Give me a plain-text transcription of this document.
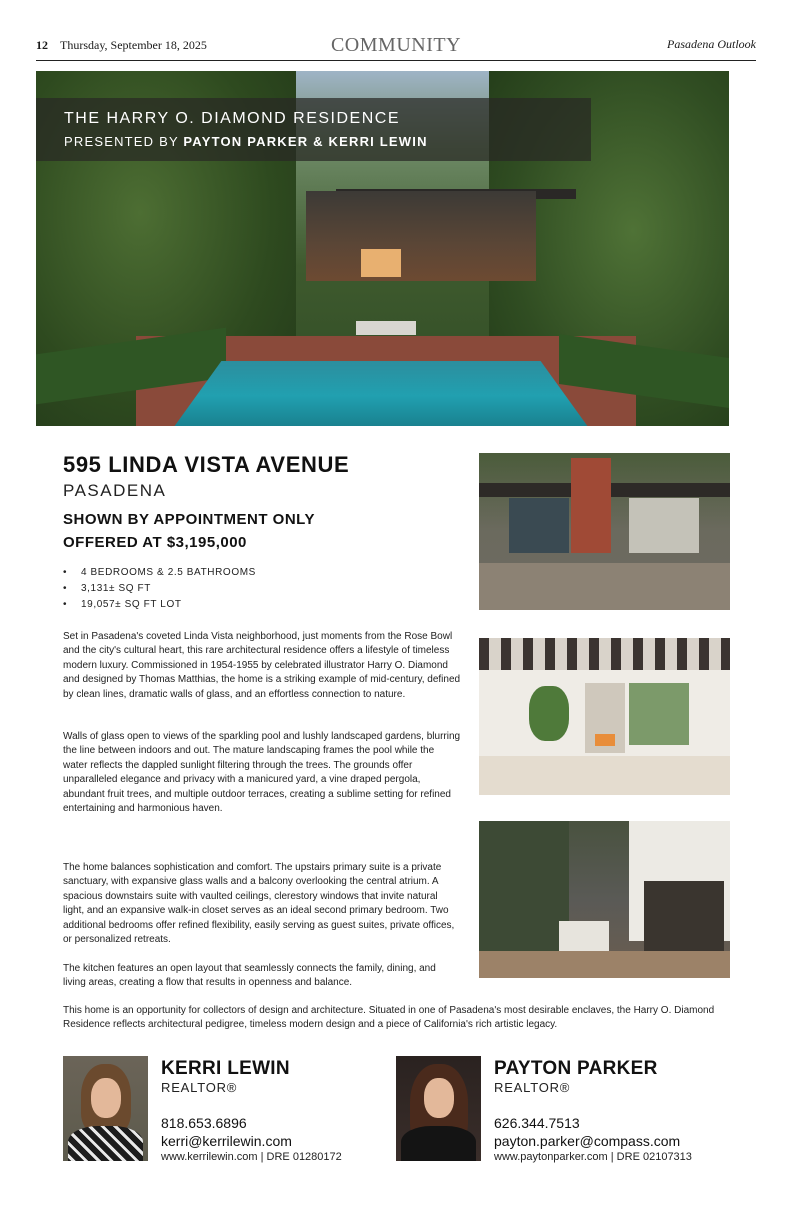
12 Thursday, September 18, 2025	COMMUNITY	Pasadena Outlook
THE HARRY O. DIAMOND RESIDENCE
PRESENTED BY PAYTON PARKER & KERRI LEWIN
595 LINDA VISTA AVENUE
PASADENA
SHOWN BY APPOINTMENT ONLY
OFFERED AT $3,195,000
• 4 BEDROOMS & 2.5 BATHROOMS
• 3,131± SQ FT
• 19,057± SQ FT LOT

Set in Pasadena's coveted Linda Vista neighborhood, just moments from the Rose Bowl and the city's cultural heart, this rare architectural residence offers a lifestyle of timeless modern luxury. Commissioned in 1954-1955 by celebrated illustrator Harry O. Diamond and designed by Thomas Matthias, the home is a striking example of mid-century, defined by clean lines, dramatic walls of glass, and an effortless connection to nature.

Walls of glass open to views of the sparkling pool and lushly landscaped gardens, blurring the line between indoors and out. The mature landscaping frames the pool while the water reflects the dappled sunlight filtering through the trees. The grounds offer unparalleled elegance and privacy with a manicured yard, a vine draped pergola, abundant fruit trees, and multiple outdoor terraces, creating a sublime setting for refined entertaining and harmonious haven.

The home balances sophistication and comfort. The upstairs primary suite is a private sanctuary, with expansive glass walls and a balcony overlooking the central atrium. A spacious downstairs suite with vaulted ceilings, clerestory windows that invite natural light, and an expansive walk-in closet serves as an ideal second primary bedroom. Two additional bedrooms offer refined flexibility, easily serving as guest suites, private offices, or personalized retreats.

The kitchen features an open layout that seamlessly connects the family, dining, and living areas, creating a flow that results in openness and balance.

This home is an opportunity for collectors of design and architecture. Situated in one of Pasadena's most desirable enclaves, the Harry O. Diamond Residence reflects architectural pedigree, timeless modern design and a piece of California's rich artistic legacy.

KERRI LEWIN
REALTOR®
818.653.6896
kerri@kerrilewin.com
www.kerrilewin.com | DRE 01280172
PAYTON PARKER
REALTOR®
626.344.7513
payton.parker@compass.com
www.paytonparker.com | DRE 02107313
